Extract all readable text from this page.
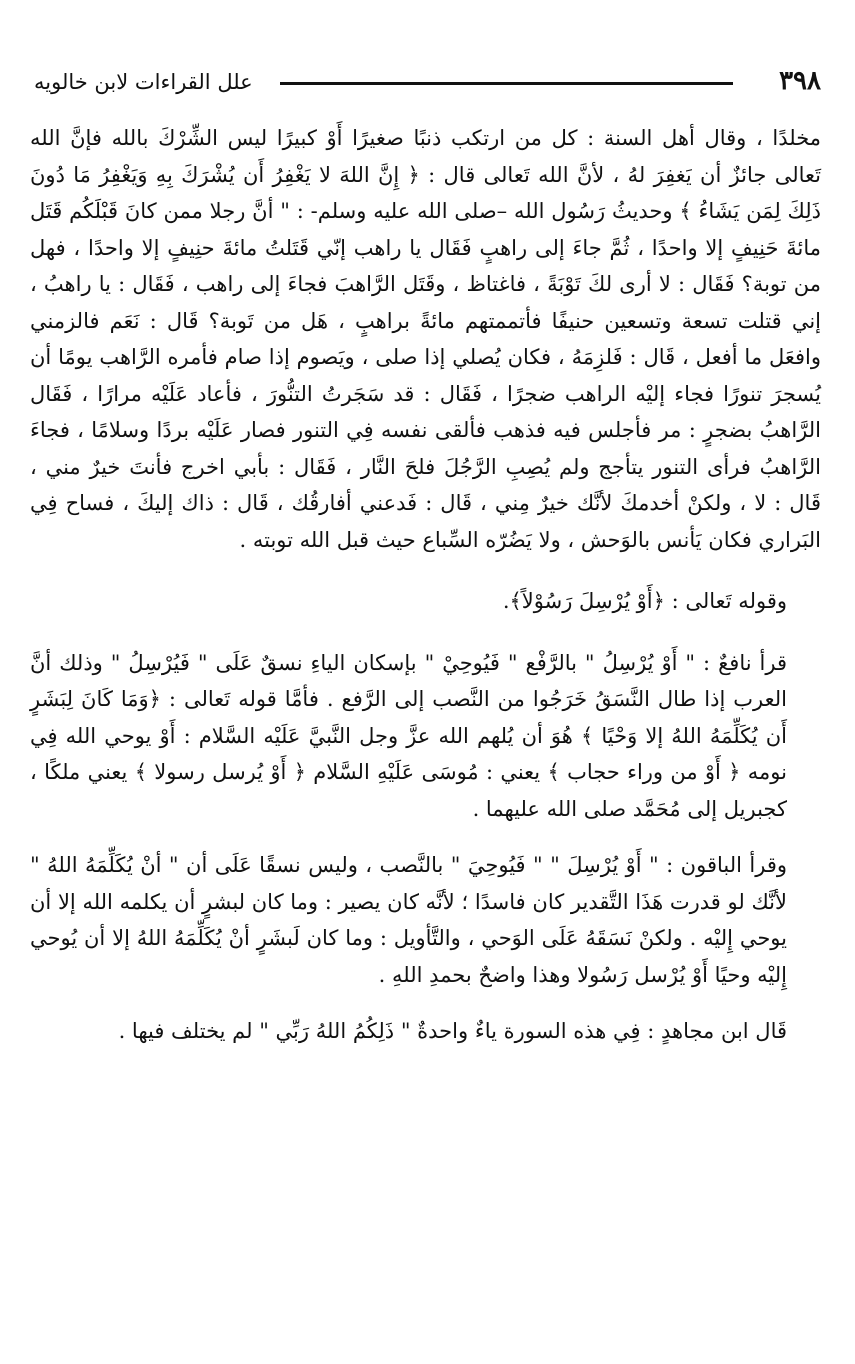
٣٩٨
علل القراءات لابن خالويه

مخلدًا ، وقال أهل السنة : كل من ارتكب ذنبًا صغيرًا أَوْ كبيرًا ليس الشِّرْكَ بالله فإنَّ الله تَعالى جائزٌ أن يَغفِرَ لهُ ، لأنَّ الله تَعالى قال : ﴿ إِنَّ اللهَ لا يَغْفِرُ أَن يُشْرَكَ بِهِ وَيَغْفِرُ مَا دُونَ ذَلِكَ لِمَن يَشَاءُ ﴾ وحديثُ رَسُول الله –صلى الله عليه وسلم- : " أنَّ رجلا ممن كانَ قَبْلَكُم قَتَل مائةَ حَنِيفٍ إلا واحدًا ، ثُمَّ جاءَ إلى راهبٍ فَقَال يا راهب إنّي قَتَلتُ مائةَ حنِيفٍ إلا واحدًا ، فهل من توبة؟ فَقَال : لا أرى لكَ تَوْبَةً ، فاغتاظ ، وقَتَل الرَّاهبَ فجاءَ إلى راهب ، فَقَال : يا راهبُ ، إني قتلت تسعة وتسعين حنيفًا فأتممتهم مائةً براهبٍ ، هَل من تَوبة؟ قَال : نَعَم فالزمني وافعَل ما أفعل ، قَال : فَلزِمَهُ ، فكان يُصلي إذا صلى ، ويَصوم إذا صام فأمره الرَّاهب يومًا أن يُسجرَ تنورًا فجاء إليْه الراهب ضجرًا ، فَقَال : قد سَجَرتُ التنُّورَ ، فأعاد عَلَيْه مرارًا ، فَقَال الرَّاهبُ بضجرٍ : مر فأجلس فيه فذهب فألقى نفسه فِي التنور فصار عَلَيْه بردًا وسلامًا ، فجاءَ الرَّاهبُ فرأى التنور يتأجج ولم يُصِبِ الرَّجُلَ فلحَ النَّار ، فَقَال : بأبي اخرج فأنتَ خيرٌ مني ، قَال : لا ، ولكنْ أخدمكَ لأنَّك خيرٌ مِني ، قَال : فَدعني أفارقُك ، قَال : ذاك إليكَ ، فساح فِي البَراري فكان يَأنس بالوَحش ، ولا يَضُرّه السِّباع حيث قبل الله توبته .

وقوله تَعالى : ﴿أَوْ يُرْسِلَ رَسُوْلاً﴾.

قرأ نافعٌ : " أَوْ يُرْسِلُ " بالرَّفْع " فَيُوحِيْ " بإسكان الياءِ نسقٌ عَلَى " فَيُرْسِلُ " وذلك أنَّ العرب إذا طال النَّسَقُ خَرَجُوا من النَّصب إلى الرَّفع . فأمَّا قوله تَعالى : ﴿وَمَا كَانَ لِبَشَرٍ أَن يُكَلِّمَهُ اللهُ إلا وَحْيًا ﴾ هُوَ أن يُلهم الله عزَّ وجل النَّبيَّ عَلَيْه السَّلام : أَوْ يوحي الله فِي نومه ﴿ أَوْ من وراء حجاب ﴾ يعني : مُوسَى عَلَيْهِ السَّلام ﴿ أَوْ يُرسل رسولا ﴾ يعني ملكًا ، كجبريل إلى مُحَمَّد صلى الله عليهما .

وقرأ الباقون : " أَوْ يُرْسِلَ " " فَيُوحِيَ " بالنَّصب ، وليس نسقًا عَلَى أن " أنْ يُكَلِّمَهُ اللهُ " لأنَّك لو قدرت هَذَا التَّقدير كان فاسدًا ؛ لأنَّه كان يصير : وما كان لبشرٍ أن يكلمه الله إلا أن يوحي إِليْه . ولكنْ نَسَقَهُ عَلَى الوَحي ، والتَّأويل : وما كان لَبشَرٍ أنْ يُكَلِّمَهُ اللهُ إلا أن يُوحي إِليْه وحيًا أَوْ يُرْسل رَسُولا وهذا واضحٌ بحمدِ اللهِ .

قَال ابن مجاهدٍ : فِي هذه السورة ياءٌ واحدةٌ " ذَلِكُمُ اللهُ رَبِّي " لم يختلف فيها .
